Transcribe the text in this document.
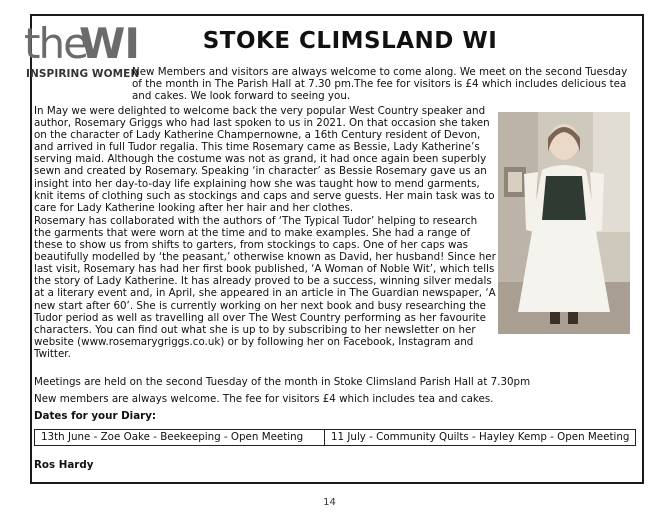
the
WI
INSPIRING WOMEN
STOKE CLIMSLAND WI
New Members and visitors are always welcome to come along. We meet on the second Tuesday of the month in The Parish Hall at 7.30 pm.The fee for visitors is £4 which includes delicious tea and cakes. We look forward to seeing you.

In May we were delighted to welcome back the very popular West Country speaker and author, Rosemary Griggs who had last spoken to us in 2021. On that occasion she taken on the character of Lady Katherine Champernowne, a 16th Century resident of Devon, and arrived in full Tudor regalia. This time Rosemary came as Bessie, Lady Katherine’s serving maid. Although the costume was not as grand, it had once again been superbly sewn and created by Rosemary. Speaking ‘in character’ as Bessie Rosemary gave us an insight into her day-to-day life explaining how she was taught how to mend garments, knit items of clothing such as stockings and caps and serve guests. Her main task was to care for Lady Katherine looking after her hair and her clothes.

Rosemary has collaborated with the authors of ‘The Typical Tudor’ helping to research the garments that were worn at the time and to make examples. She had a range of these to show us from shifts to garters, from stockings to caps. One of her caps was beautifully modelled by ‘the peasant,’ otherwise known as David, her husband! Since her last visit, Rosemary has had her first book published, ‘A Woman of Noble Wit’, which tells the story of Lady Katherine. It has already proved to be a success, winning silver medals at a literary event and, in April, she appeared in an article in The Guardian newspaper, ‘A new start after 60’. She is currently working on her next book and busy researching the Tudor period as well as travelling all over The West Country performing as her favourite characters. You can find out what she is up to by subscribing to her newsletter on her website (www.rosemarygriggs.co.uk) or by following her on Facebook, Instagram and Twitter.

Meetings are held on the second Tuesday of the month in Stoke Climsland Parish Hall at 7.30pm

New members are always welcome. The fee for visitors £4 which includes tea and cakes.

Dates for your Diary:

13th June - Zoe Oake - Beekeeping - Open Meeting	11 July - Community Quilts - Hayley Kemp - Open Meeting
Ros Hardy
14
